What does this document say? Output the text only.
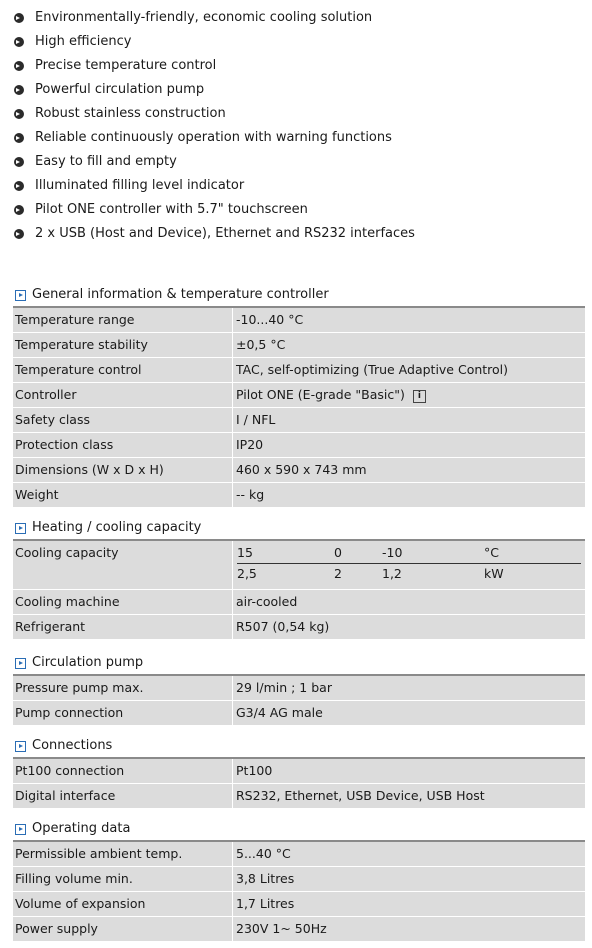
Environmentally-friendly, economic cooling solution
High efficiency
Precise temperature control
Powerful circulation pump
Robust stainless construction
Reliable continuously operation with warning functions
Easy to fill and empty
Illuminated filling level indicator
Pilot ONE controller with 5.7" touchscreen
2 x USB (Host and Device), Ethernet and RS232 interfaces
General information & temperature controller
Temperature range	-10...40 °C
Temperature stability	±0,5 °C
Temperature control	TAC, self-optimizing (True Adaptive Control)
Controller	Pilot ONE (E-grade "Basic") i
Safety class	I / NFL
Protection class	IP20
Dimensions (W x D x H)	460 x 590 x 743 mm
Weight	-- kg
Heating / cooling capacity
Cooling capacity	15	0	-10	°C
2,5	2	1,2	kW
Cooling machine	air-cooled
Refrigerant	R507 (0,54 kg)
Circulation pump
Pressure pump max.	29 l/min ; 1 bar
Pump connection	G3/4 AG male
Connections
Pt100 connection	Pt100
Digital interface	RS232, Ethernet, USB Device, USB Host
Operating data
Permissible ambient temp.	5...40 °C
Filling volume min.	3,8 Litres
Volume of expansion	1,7 Litres
Power supply	230V 1~ 50Hz
